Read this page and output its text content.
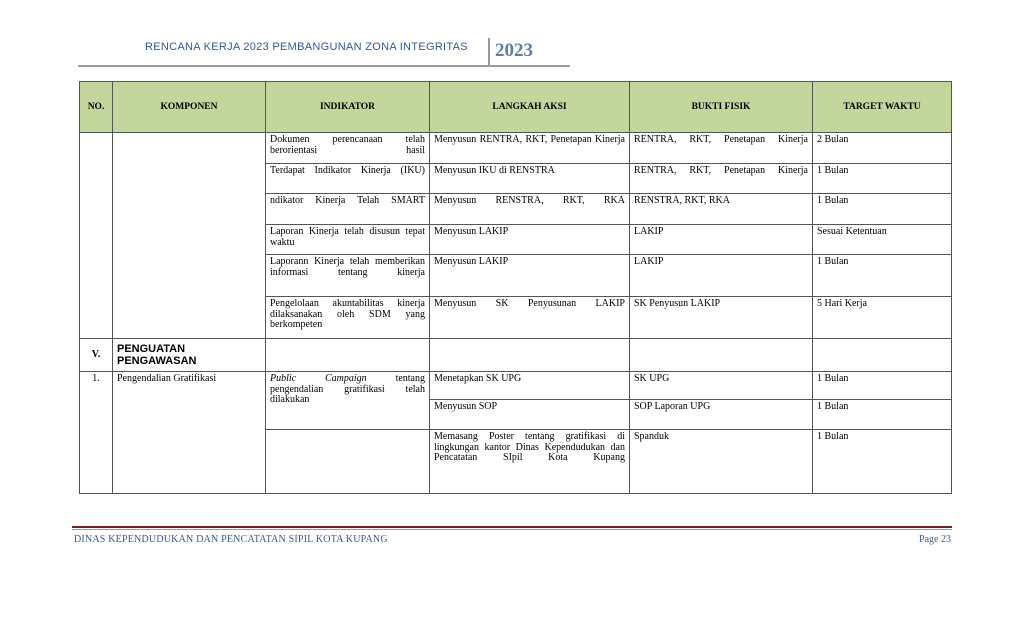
RENCANA KERJA 2023 PEMBANGUNAN ZONA INTEGRITAS 2023
NO.	KOMPONEN	INDIKATOR	LANGKAH AKSI	BUKTI FISIK	TARGET WAKTU
		Dokumen perencanaan telah berorientasi hasil	Menyusun RENTRA, RKT, Penetapan Kinerja	RENTRA, RKT, Penetapan Kinerja	2 Bulan
		Terdapat Indikator Kinerja (IKU)	Menyusun IKU di RENSTRA	RENTRA, RKT, Penetapan Kinerja	1 Bulan
		ndikator Kinerja Telah SMART	Menyusun RENSTRA, RKT, RKA	RENSTRA, RKT, RKA	1 Bulan
		Laporan Kinerja telah disusun tepat waktu	Menyusun LAKIP	LAKIP	Sesuai Ketentuan
		Laporann Kinerja telah memberikan informasi tentang kinerja	Menyusun LAKIP	LAKIP	1 Bulan
		Pengelolaan akuntabilitas kinerja dilaksanakan oleh SDM yang berkompeten	Menyusun SK Penyusunan LAKIP	SK Penyusun LAKIP	5 Hari Kerja
V.	PENGUATAN PENGAWASAN				
1.	Pengendalian Gratifikasi	Public Campaign tentang pengendalian gratifikasi telah dilakukan	Menetapkan SK UPG	SK UPG	1 Bulan
			Menyusun SOP	SOP Laporan UPG	1 Bulan
			Memasang Poster tentang gratifikasi di lingkungan kantor Dinas Kependudukan dan Pencatatan SIpil Kota Kupang	Spanduk	1 Bulan
DINAS KEPENDUDUKAN DAN PENCATATAN SIPIL KOTA KUPANG	Page 23
